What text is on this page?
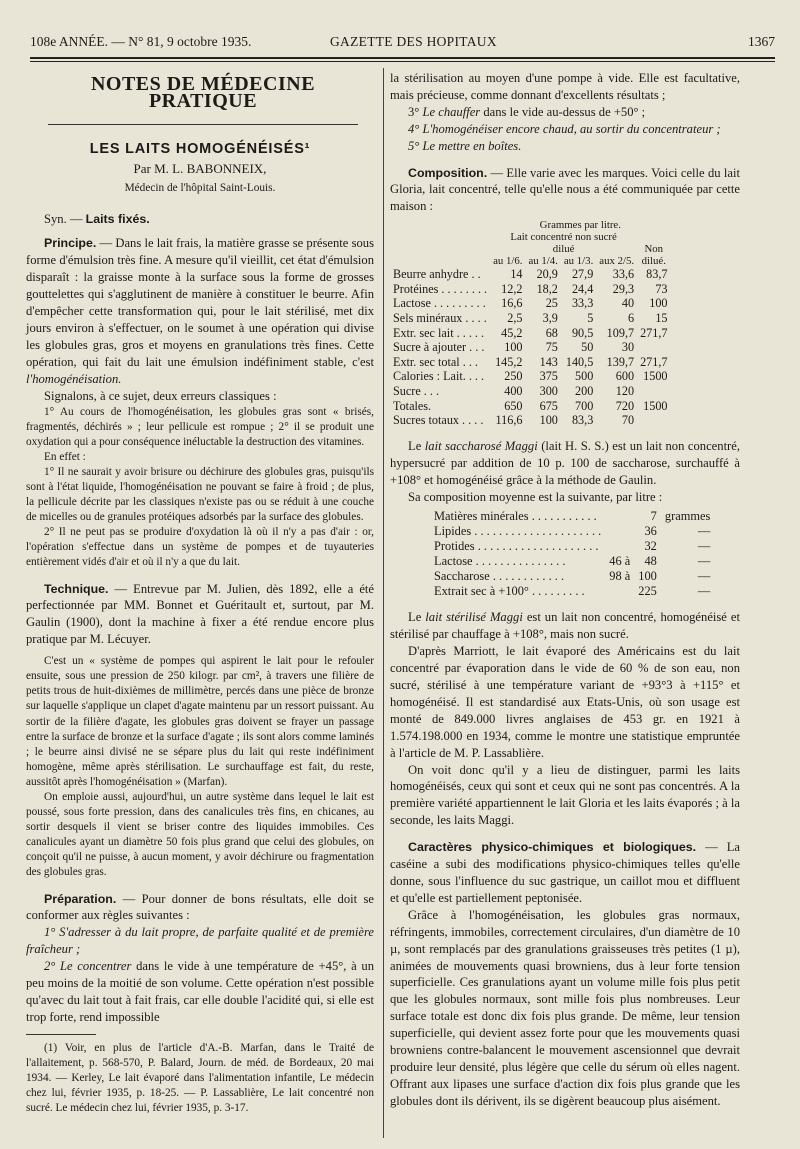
108e ANNÉE. — N° 81, 9 octobre 1935.	GAZETTE DES HOPITAUX	1367
NOTES DE MÉDECINE PRATIQUE
LES LAITS HOMOGÉNÉISÉS¹
Par M. L. BABONNEIX,
Médecin de l'hôpital Saint-Louis.

Syn. — Laits fixés.

Principe. — Dans le lait frais, la matière grasse se présente sous forme d'émulsion très fine. A mesure qu'il vieillit, cet état d'émulsion disparaît : la graisse monte à la surface sous la forme de grosses gouttelettes qui s'agglutinent de manière à constituer le beurre. Afin d'empêcher cette transformation qui, pour le lait stérilisé, met dix jours environ à s'effectuer, on le soumet à une opération qui divise les globules gras, gros et moyens en granulations très fines. Cette opération, qui fait du lait une émulsion indéfiniment stable, c'est l'homogénéisation.

Signalons, à ce sujet, deux erreurs classiques :

1° Au cours de l'homogénéisation, les globules gras sont « brisés, fragmentés, déchirés » ; leur pellicule est rompue ; 2° il se produit une oxydation qui a pour conséquence inéluctable la destruction des vitamines.

En effet :

1° Il ne saurait y avoir brisure ou déchirure des globules gras, puisqu'ils sont à l'état liquide, l'homogénéisation ne pouvant se faire à froid ; de plus, la pellicule décrite par les classiques n'existe pas ou se réduit à une couche de micelles ou de granules protéiques adsorbés par la surface des globules.

2° Il ne peut pas se produire d'oxydation là où il n'y a pas d'air : or, l'opération s'effectue dans un système de pompes et de tuyauteries entièrement vidés d'air et où il n'y a que du lait.

Technique. — Entrevue par M. Julien, dès 1892, elle a été perfectionnée par MM. Bonnet et Guéritault et, surtout, par M. Gaulin (1900), dont la machine à fixer a été rendue encore plus pratique par M. Lécuyer.

C'est un « système de pompes qui aspirent le lait pour le refouler ensuite, sous une pression de 250 kilogr. par cm², à travers une filière de petits trous de huit-dixièmes de millimètre, percés dans une pièce de bronze sur laquelle s'applique un clapet d'agate maintenu par un ressort puissant. Au sortir de la filière d'agate, les globules gras doivent se frayer un passage entre la surface de bronze et la surface d'agate ; ils sont alors comme laminés ; le beurre ainsi divisé ne se sépare plus du lait qui reste indéfiniment homogène, même après stérilisation. Le surchauffage est fait, du reste, aussitôt après l'homogénéisation » (Marfan).

On emploie aussi, aujourd'hui, un autre système dans lequel le lait est poussé, sous forte pression, dans des canalicules très fins, en chicanes, au sortir desquels il vient se briser contre des liquides immobiles. Ces canalicules ayant un diamètre 50 fois plus grand que celui des globules, on conçoit qu'il ne puisse, à aucun moment, y avoir déchirure ou fragmentation des globules gras.

Préparation. — Pour donner de bons résultats, elle doit se conformer aux règles suivantes :

1° S'adresser à du lait propre, de parfaite qualité et de première fraîcheur ;

2° Le concentrer dans le vide à une température de +45°, à un peu moins de la moitié de son volume. Cette opération n'est possible qu'avec du lait tout à fait frais, car elle double l'acidité qui, si elle est trop forte, rend impossible

(1) Voir, en plus de l'article d'A.-B. Marfan, dans le Traité de l'allaitement, p. 568-570, P. Balard, Journ. de méd. de Bordeaux, 20 mai 1934. — Kerley, Le lait évaporé dans l'alimentation infantile, Le médecin chez lui, février 1935, p. 18-25. — P. Lassablière, Le lait concentré non sucré. Le médecin chez lui, février 1935, p. 3-17.

la stérilisation au moyen d'une pompe à vide. Elle est facultative, mais précieuse, comme donnant d'excellents résultats ;

3° Le chauffer dans le vide au-dessus de +50° ;

4° L'homogénéiser encore chaud, au sortir du concentrateur ;

5° Le mettre en boîtes.

Composition. — Elle varie avec les marques. Voici celle du lait Gloria, lait concentré, telle qu'elle nous a été communiquée par cette maison :

	Grammes par litre.				
	Lait concentré non sucré				
	dilué				Non
	au 1/6.	au 1/4.	au 1/3.	aux 2/5.	dilué.
Beurre anhydre . .	14	20,9	27,9	33,6	83,7
Protéines . . . . . . . .	12,2	18,2	24,4	29,3	73
Lactose . . . . . . . . .	16,6	25	33,3	40	100
Sels minéraux . . . .	2,5	3,9	5	6	15
Extr. sec lait . . . . .	45,2	68	90,5	109,7	271,7
Sucre à ajouter . . .	100	75	50	30	
Extr. sec total . . .	145,2	143	140,5	139,7	271,7
Calories : Lait. . . .	250	375	500	600	1500
Sucre . . .	400	300	200	120	
Totales.	650	675	700	720	1500
Sucres totaux . . . .	116,6	100	83,3	70	

Le lait saccharosé Maggi (lait H. S. S.) est un lait non concentré, hypersucré par addition de 10 p. 100 de saccharose, surchauffé à +108° et homogénéisé grâce à la méthode de Gaulin.

Sa composition moyenne est la suivante, par litre :

Matières minérales . . . . . . . . . . .		7	grammes
Lipides . . . . . . . . . . . . . . . . . . . . .		36	—
Protides . . . . . . . . . . . . . . . . . . . .		32	—
Lactose . . . . . . . . . . . . . . .	46 à	48	—
Saccharose . . . . . . . . . . . .	98 à	100	—
Extrait sec à +100° . . . . . . . . .		225	—

Le lait stérilisé Maggi est un lait non concentré, homogénéisé et stérilisé par chauffage à +108°, mais non sucré.

D'après Marriott, le lait évaporé des Américains est du lait concentré par évaporation dans le vide de 60 % de son eau, non sucré, stérilisé à une température variant de +93°3 à +115° et homogénéisé. Il est standardisé aux Etats-Unis, où son usage est monté de 849.000 livres anglaises de 453 gr. en 1921 à 1.574.198.000 en 1934, comme le montre une statistique empruntée à l'article de M. P. Lassablière.

On voit donc qu'il y a lieu de distinguer, parmi les laits homogénéisés, ceux qui sont et ceux qui ne sont pas concentrés. A la première variété appartiennent le lait Gloria et les laits évaporés ; à la seconde, les laits Maggi.

Caractères physico-chimiques et biologiques. — La caséine a subi des modifications physico-chimiques telles qu'elle donne, sous l'influence du suc gastrique, un caillot mou et diffluent et qu'elle est partiellement peptonisée.

Grâce à l'homogénéisation, les globules gras normaux, réfringents, immobiles, correctement circulaires, d'un diamètre de 10 µ, sont remplacés par des granulations graisseuses très petites (1 µ), animées de mouvements quasi browniens, dus à leur forte tension superficielle. Ces granulations ayant un volume mille fois plus petit que les globules normaux, sont mille fois plus nombreuses. Leur surface totale est donc dix fois plus grande. De même, leur tension superficielle, qui devient assez forte pour que les mouvements quasi browniens contre-balancent le mouvement ascensionnel que devrait produire leur densité, plus légère que celle du sérum où elles nagent. Offrant aux lipases une surface d'action dix fois plus grande que les globules dont ils dérivent, ils se digèrent beaucoup plus aisément.
